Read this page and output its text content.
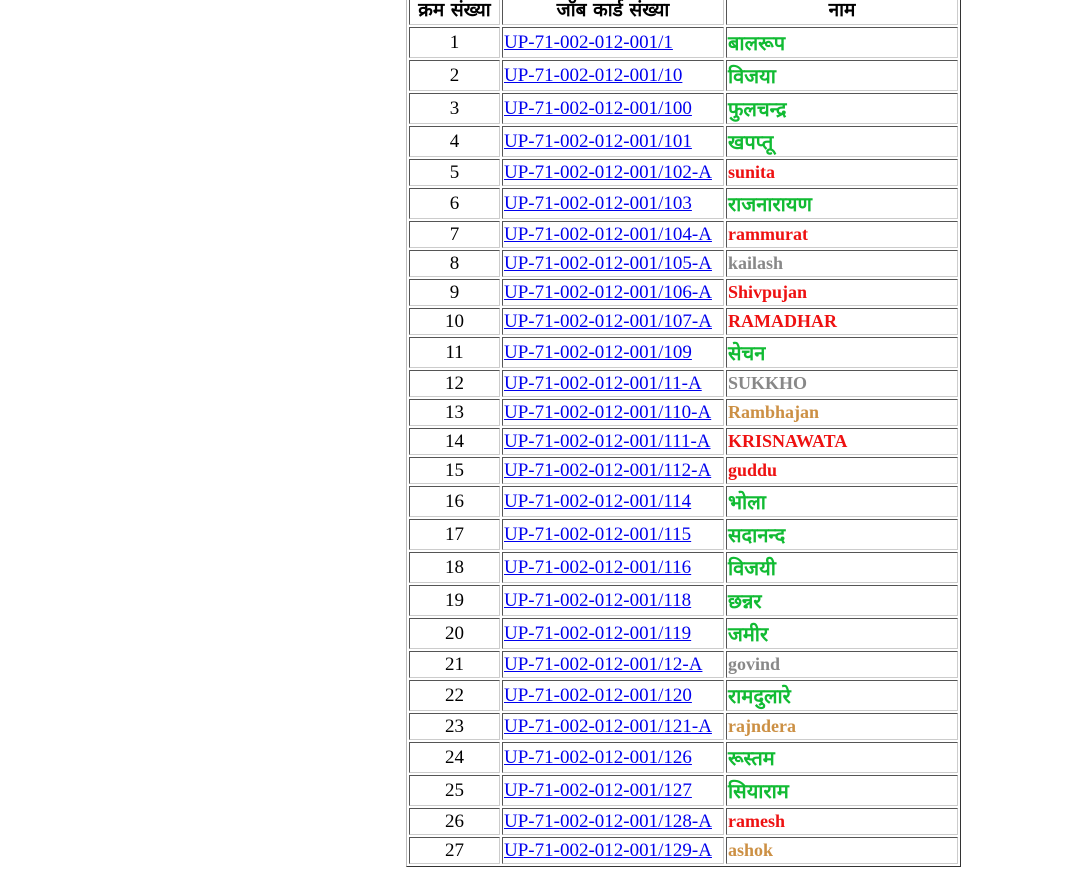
क्रम संख्या	जॉब कार्ड संख्या	नाम
1	UP-71-002-012-001/1	बालरूप
2	UP-71-002-012-001/10	विजया
3	UP-71-002-012-001/100	फुलचन्द्र
4	UP-71-002-012-001/101	खपप्तू
5	UP-71-002-012-001/102-A	sunita
6	UP-71-002-012-001/103	राजनारायण
7	UP-71-002-012-001/104-A	rammurat
8	UP-71-002-012-001/105-A	kailash
9	UP-71-002-012-001/106-A	Shivpujan
10	UP-71-002-012-001/107-A	RAMADHAR
11	UP-71-002-012-001/109	सेचन
12	UP-71-002-012-001/11-A	SUKKHO
13	UP-71-002-012-001/110-A	Rambhajan
14	UP-71-002-012-001/111-A	KRISNAWATA
15	UP-71-002-012-001/112-A	guddu
16	UP-71-002-012-001/114	भोला
17	UP-71-002-012-001/115	सदानन्द
18	UP-71-002-012-001/116	विजयी
19	UP-71-002-012-001/118	छन्नर
20	UP-71-002-012-001/119	जमीर
21	UP-71-002-012-001/12-A	govind
22	UP-71-002-012-001/120	रामदुलारे
23	UP-71-002-012-001/121-A	rajndera
24	UP-71-002-012-001/126	रूस्तम
25	UP-71-002-012-001/127	सियाराम
26	UP-71-002-012-001/128-A	ramesh
27	UP-71-002-012-001/129-A	ashok
